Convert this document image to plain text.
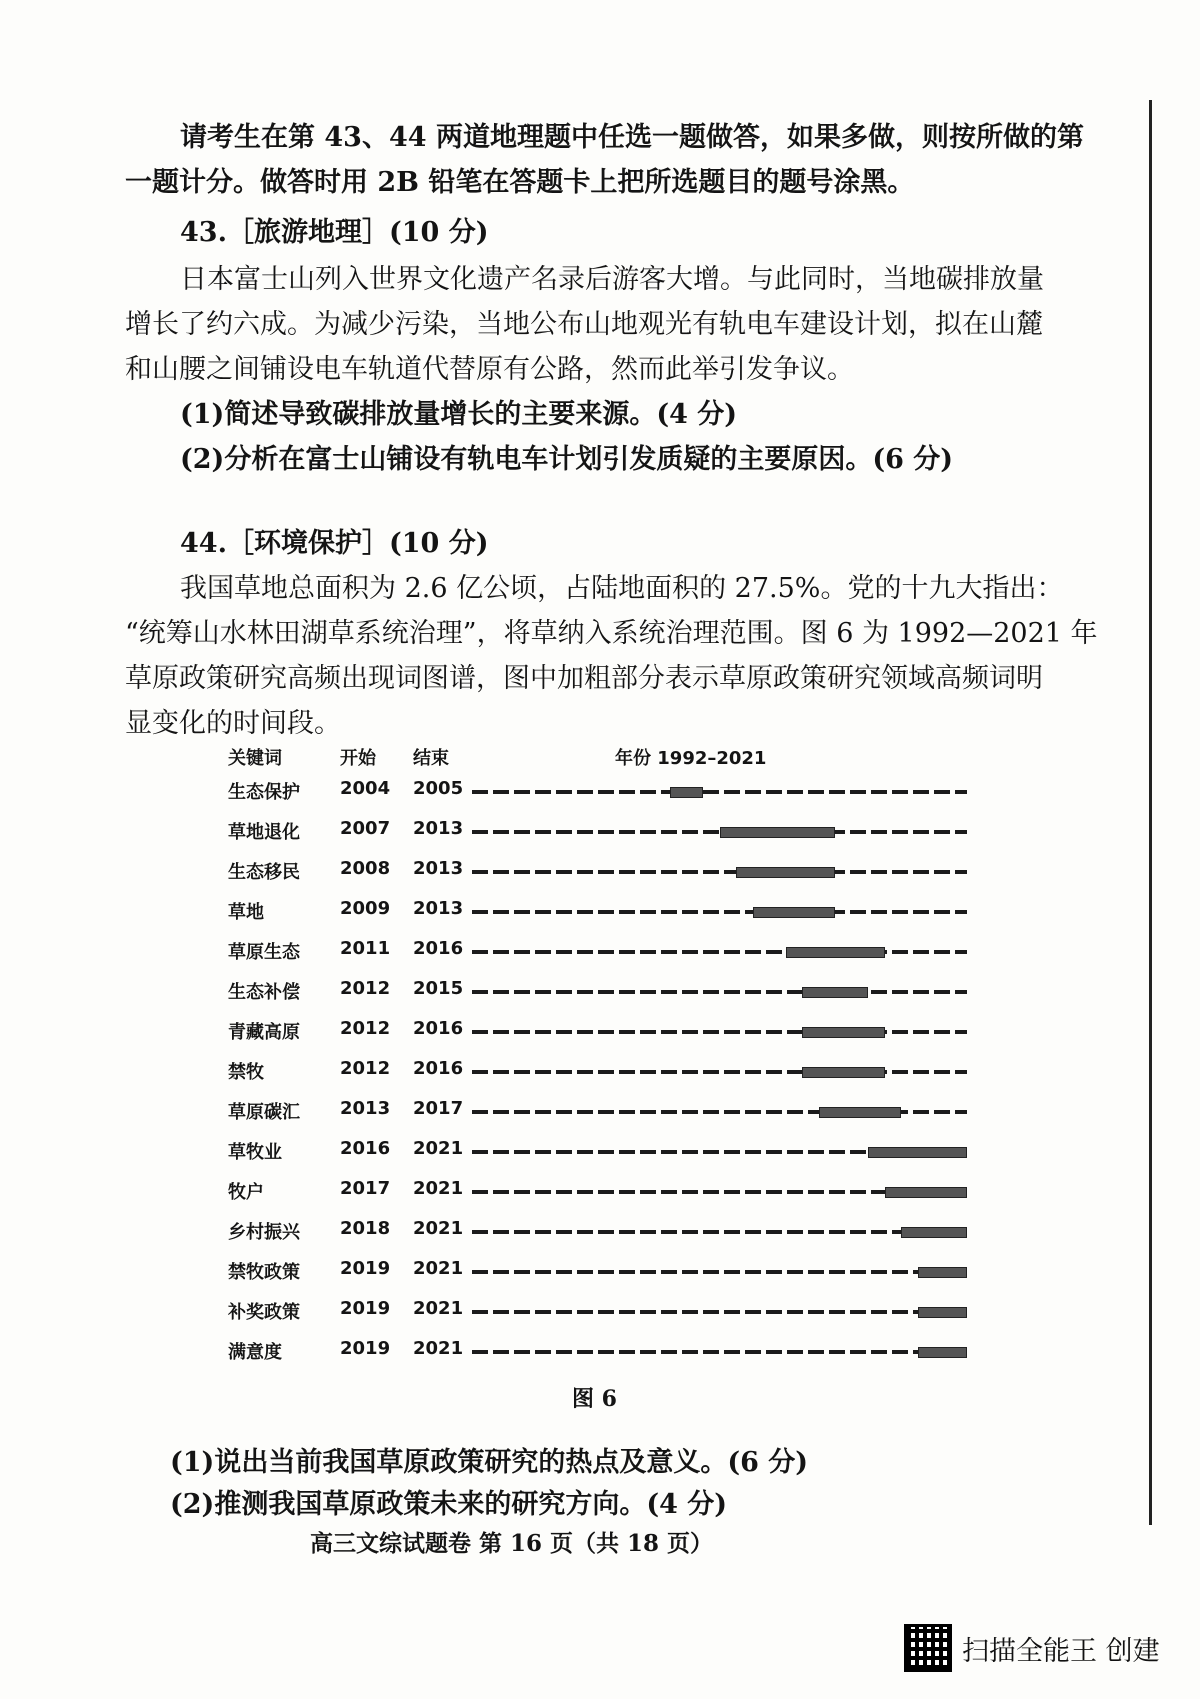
请考生在第 43、44 两道地理题中任选一题做答，如果多做，则按所做的第

一题计分。做答时用 2B 铅笔在答题卡上把所选题目的题号涂黑。

43.［旅游地理］(10 分)

日本富士山列入世界文化遗产名录后游客大增。与此同时，当地碳排放量

增长了约六成。为减少污染，当地公布山地观光有轨电车建设计划，拟在山麓

和山腰之间铺设电车轨道代替原有公路，然而此举引发争议。

(1)简述导致碳排放量增长的主要来源。(4 分)

(2)分析在富士山铺设有轨电车计划引发质疑的主要原因。(6 分)

44.［环境保护］(10 分)

我国草地总面积为 2.6 亿公顷，占陆地面积的 27.5%。党的十九大指出：

“统筹山水林田湖草系统治理”，将草纳入系统治理范围。图 6 为 1992—2021 年

草原政策研究高频出现词图谱，图中加粗部分表示草原政策研究领域高频词明

显变化的时间段。

关键词	开始 结束	年份 1992–2021
生态保护 2004 2005
草地退化 2007 2013
生态移民 2008 2013
草地	2009 2013
草原生态 2011 2016
生态补偿 2012 2015
青藏高原 2012 2016
禁牧	2012 2016
草原碳汇 2013 2017
草牧业	2016 2021
牧户	2017 2021
乡村振兴 2018 2021
禁牧政策 2019 2021
补奖政策 2019 2021
满意度	2019 2021
图 6

(1)说出当前我国草原政策研究的热点及意义。(6 分)

(2)推测我国草原政策未来的研究方向。(4 分)

高三文综试题卷 第 16 页（共 18 页）
扫描全能王 创建
